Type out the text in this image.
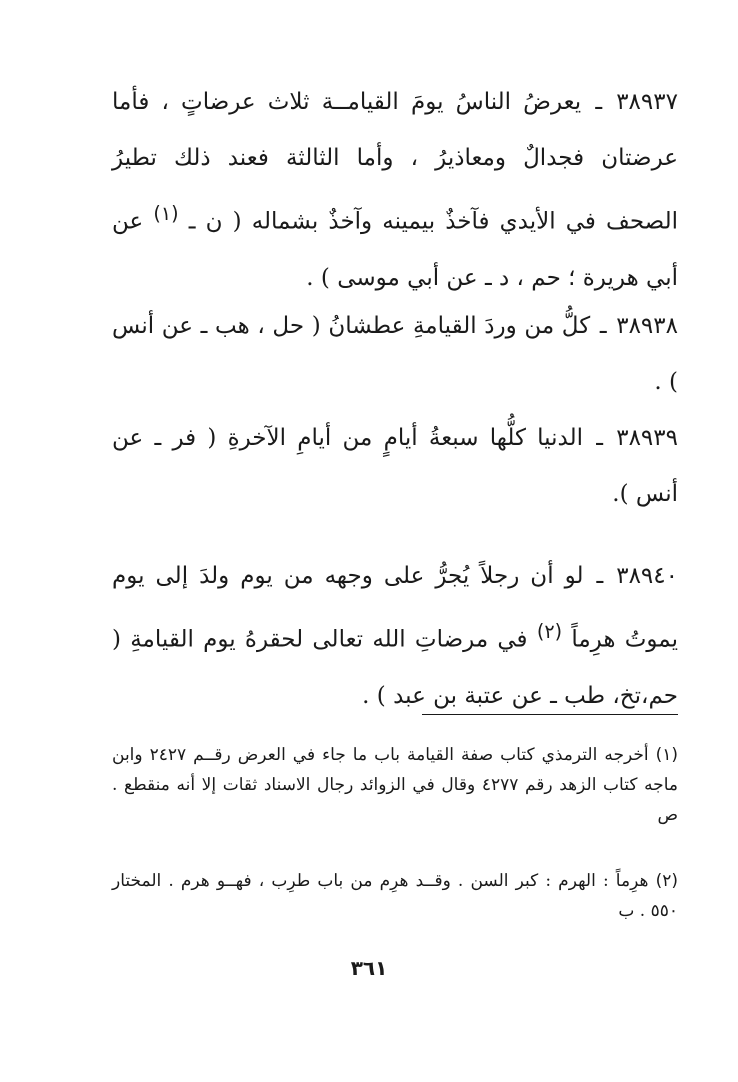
٣٨٩٣٧ ـ يعرضُ الناسُ يومَ القيامــة ثلاث عرضاتٍ ، فأما عرضتان فجدالٌ ومعاذيرُ ، وأما الثالثة فعند ذلك تطيرُ الصحف في الأيدي فآخذٌ بيمينه وآخذٌ بشماله ( ن ـ $^{(١)}$ عن أبي هريرة ؛ حم ، د ـ عن أبي موسى ) .

٣٨٩٣٨ ـ كلُّ من وردَ القيامةِ عطشانُ ( حل ، هب ـ عن أنس ) .

٣٨٩٣٩ ـ الدنيا كلُّها سبعةُ أيامٍ من أيامِ الآخرةِ ( فر ـ عن أنس ).

٣٨٩٤٠ ـ لو أن رجلاً يُجرُّ على وجهه من يوم ولدَ إلى يوم يموتُ هرِماً $^{(٢)}$ في مرضاتِ الله تعالى لحقرهُ يوم القيامةِ ( حم،تخ، طب ـ عن عتبة بن عبد ) .

(١) أخرجه الترمذي كتاب صفة القيامة باب ما جاء في العرض رقــم ٢٤٢٧ وابن ماجه كتاب الزهد رقم ٤٢٧٧ وقال في الزوائد رجال الاسناد ثقات إلا أنه منقطع . ص

(٢) هرِماً : الهرم : كبر السن . وقــد هرِم من باب طرِب ، فهــو هرم . المختار ٥٥٠ . ب

٣٦١
